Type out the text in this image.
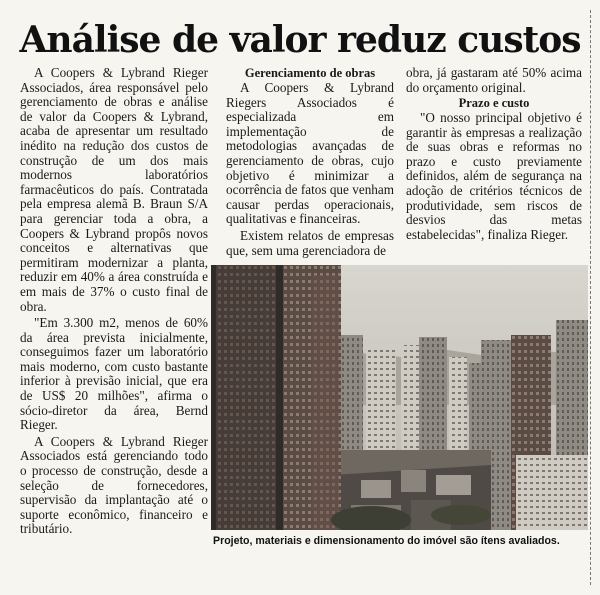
Análise de valor reduz custos

A Coopers & Lybrand Rieger Associados, área responsável pelo gerenciamento de obras e análise de valor da Coopers & Lybrand, acaba de apresentar um resultado inédito na redução dos custos de construção de um dos mais modernos laboratórios farmacêuticos do país. Contratada pela empresa alemã B. Braun S/A para gerenciar toda a obra, a Coopers & Lybrand propôs novos conceitos e alternativas que permitiram modernizar a planta, reduzir em 40% a área construída e em mais de 37% o custo final de obra.

"Em 3.300 m2, menos de 60% da área prevista inicialmente, conseguimos fazer um laboratório mais moderno, com custo bastante inferior à previsão inicial, que era de US$ 20 milhões", afirma o sócio-diretor da área, Bernd Rieger.

A Coopers & Lybrand Rieger Associados está gerenciando todo o processo de construção, desde a seleção de fornecedores, supervisão da implantação até o suporte econômico, financeiro e tributário.

Gerenciamento de obras

A Coopers & Lybrand Riegers Associados é especializada em implementação de metodologias avançadas de gerenciamento de obras, cujo objetivo é minimizar a ocorrência de fatos que venham causar perdas operacionais, qualitativas e financeiras.

Existem relatos de empresas que, sem uma gerenciadora de

obra, já gastaram até 50% acima do orçamento original.

Prazo e custo

"O nosso principal objetivo é garantir às empresas a realização de suas obras e reformas no prazo e custo previamente definidos, além de segurança na adoção de critérios técnicos de produtividade, sem riscos de desvios das metas estabelecidas", finaliza Rieger.

Projeto, materiais e dimensionamento do imóvel são ítens avaliados.
